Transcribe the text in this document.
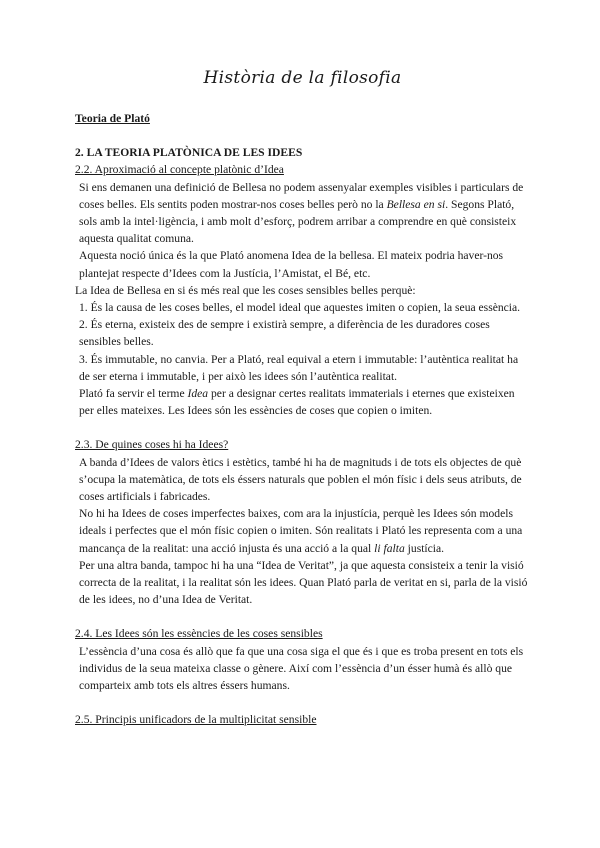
Història de la filosofia
Teoria de Plató
2. LA TEORIA PLATÒNICA DE LES IDEES
2.2. Aproximació al concepte platònic d’Idea

Si ens demanen una definició de Bellesa no podem assenyalar exemples visibles i particulars de coses belles. Els sentits poden mostrar-nos coses belles però no la Bellesa en si. Segons Plató, sols amb la intel·ligència, i amb molt d’esforç, podrem arribar a comprendre en què consisteix aquesta qualitat comuna.

Aquesta noció única és la que Plató anomena Idea de la bellesa. El mateix podria haver-nos plantejat respecte d’Idees com la Justícia, l’Amistat, el Bé, etc.

La Idea de Bellesa en si és més real que les coses sensibles belles perquè:

1. És la causa de les coses belles, el model ideal que aquestes imiten o copien, la seua essència.

2. És eterna, existeix des de sempre i existirà sempre, a diferència de les duradores coses sensibles belles.

3. És immutable, no canvia. Per a Plató, real equival a etern i immutable: l’autèntica realitat ha de ser eterna i immutable, i per això les idees són l’autèntica realitat.

Plató fa servir el terme Idea per a designar certes realitats immaterials i eternes que existeixen per elles mateixes. Les Idees són les essències de coses que copien o imiten.

2.3. De quines coses hi ha Idees?

A banda d’Idees de valors ètics i estètics, també hi ha de magnituds i de tots els objectes de què s’ocupa la matemàtica, de tots els éssers naturals que poblen el món físic i dels seus atributs, de coses artificials i fabricades.

No hi ha Idees de coses imperfectes baixes, com ara la injustícia, perquè les Idees són models ideals i perfectes que el món físic copien o imiten. Són realitats i Plató les representa com a una mancança de la realitat: una acció injusta és una acció a la qual li falta justícia.

Per una altra banda, tampoc hi ha una “Idea de Veritat”, ja que aquesta consisteix a tenir la visió correcta de la realitat, i la realitat són les idees. Quan Plató parla de veritat en si, parla de la visió de les idees, no d’una Idea de Veritat.

2.4. Les Idees són les essències de les coses sensibles

L’essència d’una cosa és allò que fa que una cosa siga el que és i que es troba present en tots els individus de la seua mateixa classe o gènere. Així com l’essència d’un ésser humà és allò que comparteix amb tots els altres éssers humans.

2.5. Principis unificadors de la multiplicitat sensible
